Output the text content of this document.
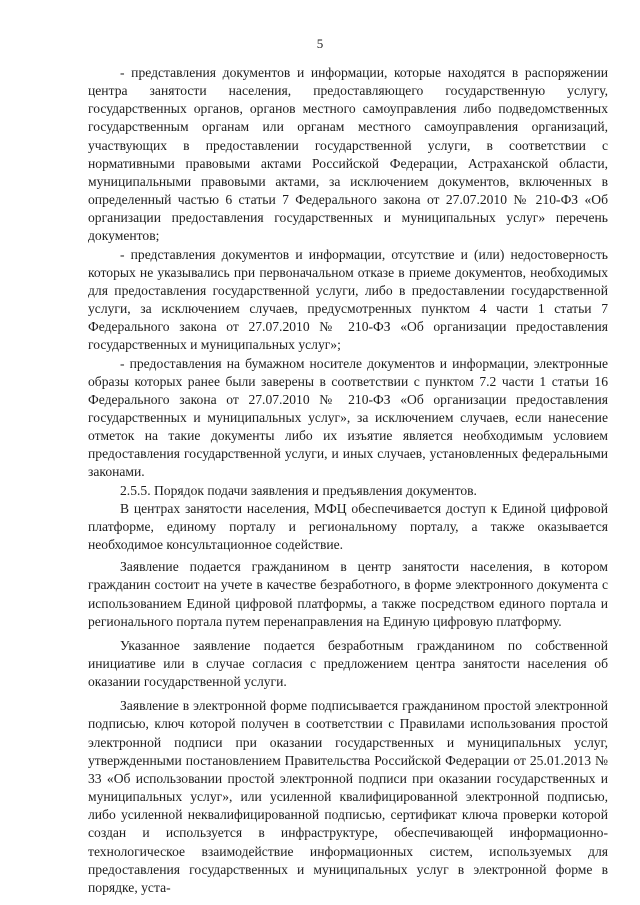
5

- представления документов и информации, которые находятся в распоряжении центра занятости населения, предоставляющего государственную услугу, государственных органов, органов местного самоуправления либо подведомственных государственным органам или органам местного самоуправления организаций, участвующих в предоставлении государственной услуги, в соответствии с нормативными правовыми актами Российской Федерации, Астраханской области, муниципальными правовыми актами, за исключением документов, включенных в определенный частью 6 статьи 7 Федерального закона от 27.07.2010 № 210-ФЗ «Об организации предоставления государственных и муниципальных услуг» перечень документов;

- представления документов и информации, отсутствие и (или) недостоверность которых не указывались при первоначальном отказе в приеме документов, необходимых для предоставления государственной услуги, либо в предоставлении государственной услуги, за исключением случаев, предусмотренных пунктом 4 части 1 статьи 7 Федерального закона от 27.07.2010 № 210-ФЗ «Об организации предоставления государственных и муниципальных услуг»;

- предоставления на бумажном носителе документов и информации, электронные образы которых ранее были заверены в соответствии с пунктом 7.2 части 1 статьи 16 Федерального закона от 27.07.2010 № 210-ФЗ «Об организации предоставления государственных и муниципальных услуг», за исключением случаев, если нанесение отметок на такие документы либо их изъятие является необходимым условием предоставления государственной услуги, и иных случаев, установленных федеральными законами.

2.5.5. Порядок подачи заявления и предъявления документов.

В центрах занятости населения, МФЦ обеспечивается доступ к Единой цифровой платформе, единому порталу и региональному порталу, а также оказывается необходимое консультационное содействие.

Заявление подается гражданином в центр занятости населения, в котором гражданин состоит на учете в качестве безработного, в форме электронного документа с использованием Единой цифровой платформы, а также посредством единого портала и регионального портала путем перенаправления на Единую цифровую платформу.

Указанное заявление подается безработным гражданином по собственной инициативе или в случае согласия с предложением центра занятости населения об оказании государственной услуги.

Заявление в электронной форме подписывается гражданином простой электронной подписью, ключ которой получен в соответствии с Правилами использования простой электронной подписи при оказании государственных и муниципальных услуг, утвержденными постановлением Правительства Российской Федерации от 25.01.2013 № 33 «Об использовании простой электронной подписи при оказании государственных и муниципальных услуг», или усиленной квалифицированной электронной подписью, либо усиленной неквалифицированной подписью, сертификат ключа проверки которой создан и используется в инфраструктуре, обеспечивающей информационно-технологическое взаимодействие информационных систем, используемых для предоставления государственных и муниципальных услуг в электронной форме в порядке, уста-
